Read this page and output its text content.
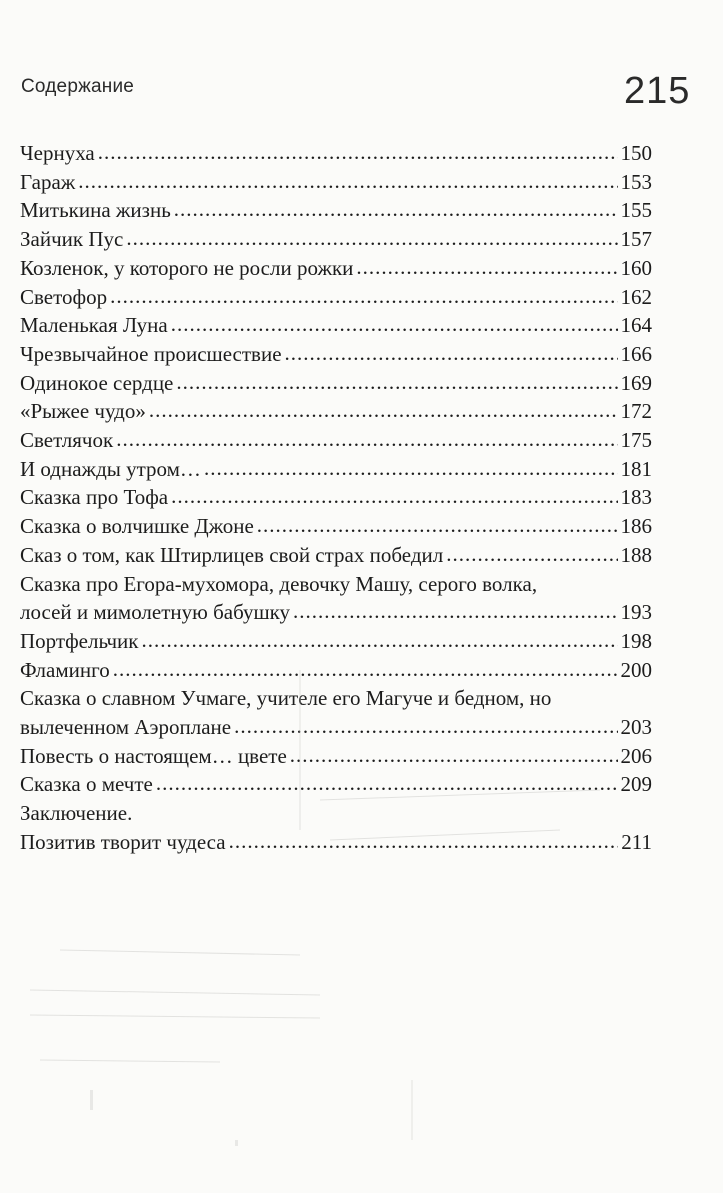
Содержание	215
Чернуха .....	150
Гараж .....	153
Митькина жизнь .....	155
Зайчик Пус .....	157
Козленок, у которого не росли рожки .....	160
Светофор .....	162
Маленькая Луна .....	164
Чрезвычайное происшествие .....	166
Одинокое сердце .....	169
«Рыжее чудо» .....	172
Светлячок .....	175
И однажды утром… .....	181
Сказка про Тофа .....	183
Сказка о волчишке Джоне .....	186
Сказ о том, как Штирлицев свой страх победил .....	188
Сказка про Егора-мухомора, девочку Машу, серого волка,
лосей и мимолетную бабушку .....	193
Портфельчик .....	198
Фламинго .....	200
Сказка о славном Учмаге, учителе его Магуче и бедном, но
вылеченном Аэроплане .....	203
Повесть о настоящем… цвете .....	206
Сказка о мечте .....	209
Заключение.
Позитив творит чудеса .....	211
